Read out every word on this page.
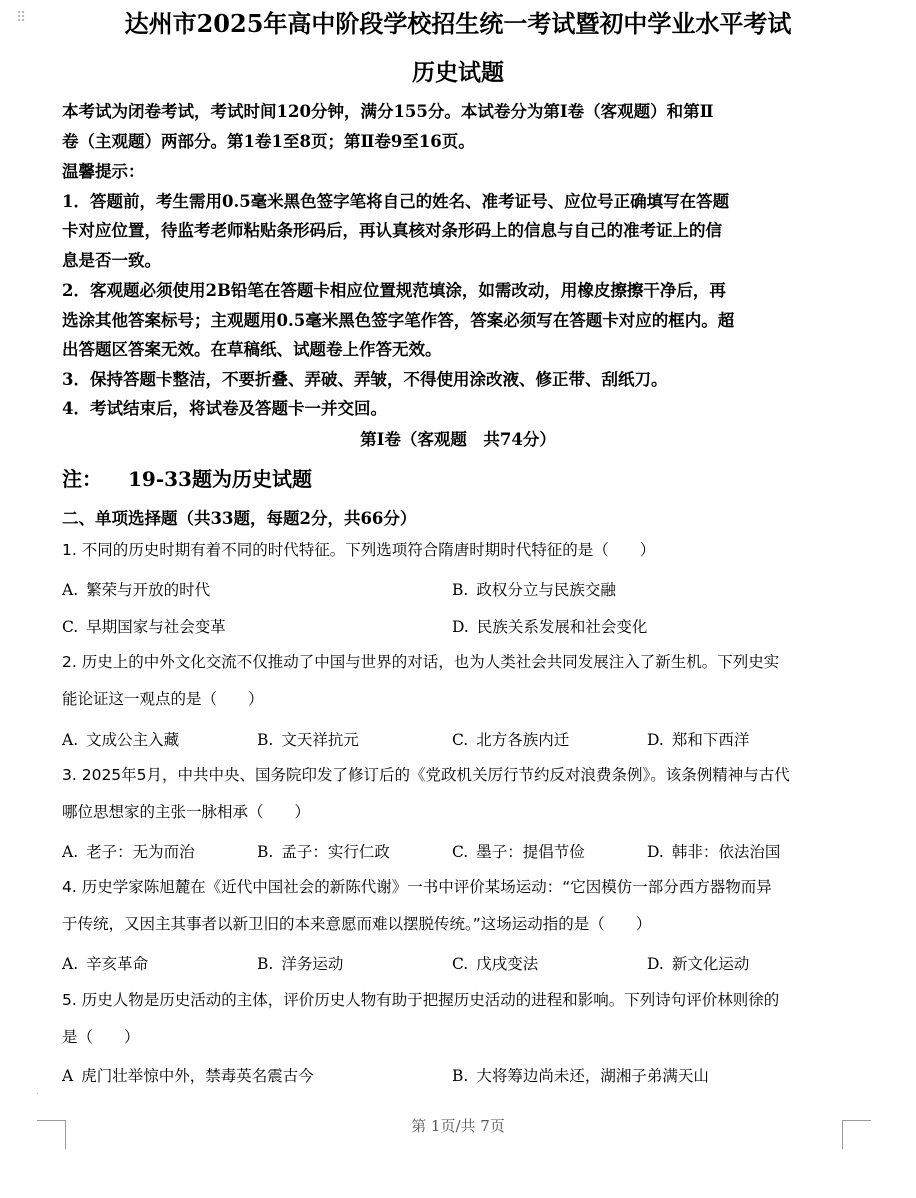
⠿	达州市2025年高中阶段学校招生统一考试暨初中学业水平考试
历史试题
本考试为闭卷考试，考试时间120分钟，满分155分。本试卷分为第Ⅰ卷（客观题）和第Ⅱ
卷（主观题）两部分。第1卷1至8页；第Ⅱ卷9至16页。
温馨提示：
1．答题前，考生需用0.5毫米黑色签字笔将自己的姓名、准考证号、应位号正确填写在答题
卡对应位置，待监考老师粘贴条形码后，再认真核对条形码上的信息与自己的准考证上的信
息是否一致。
2．客观题必须使用2B铅笔在答题卡相应位置规范填涂，如需改动，用橡皮擦擦干净后，再
选涂其他答案标号；主观题用0.5毫米黑色签字笔作答，答案必须写在答题卡对应的框内。超
出答题区答案无效。在草稿纸、试题卷上作答无效。
3．保持答题卡整洁，不要折叠、弄破、弄皱，不得使用涂改液、修正带、刮纸刀。
4．考试结束后，将试卷及答题卡一并交回。
第Ⅰ卷（客观题　共74分）
注： 19-33题为历史试题
二、单项选择题（共33题，每题2分，共66分）
1. 不同的历史时期有着不同的时代特征。下列选项符合隋唐时期时代特征的是（　　）
A. 繁荣与开放的时代	B. 政权分立与民族交融
C. 早期国家与社会变革	D. 民族关系发展和社会变化
2. 历史上的中外文化交流不仅推动了中国与世界的对话，也为人类社会共同发展注入了新生机。下列史实
能论证这一观点的是（　　）
A. 文成公主入藏	B. 文天祥抗元	C. 北方各族内迁	D. 郑和下西洋
3. 2025年5月，中共中央、国务院印发了修订后的《党政机关厉行节约反对浪费条例》。该条例精神与古代
哪位思想家的主张一脉相承（　　）
A. 老子：无为而治	B. 孟子：实行仁政	C. 墨子：提倡节俭	D. 韩非：依法治国
4. 历史学家陈旭麓在《近代中国社会的新陈代谢》一书中评价某场运动：“它因模仿一部分西方器物而异
于传统，又因主其事者以新卫旧的本来意愿而难以摆脱传统。”这场运动指的是（　　）
A. 辛亥革命	B. 洋务运动	C. 戊戌变法	D. 新文化运动
5. 历史人物是历史活动的主体，评价历史人物有助于把握历史活动的进程和影响。下列诗句评价林则徐的
是（　　）
A 虎门壮举惊中外，禁毒英名震古今	B. 大将筹边尚未还，湖湘子弟满天山
第 1页/共 7页
